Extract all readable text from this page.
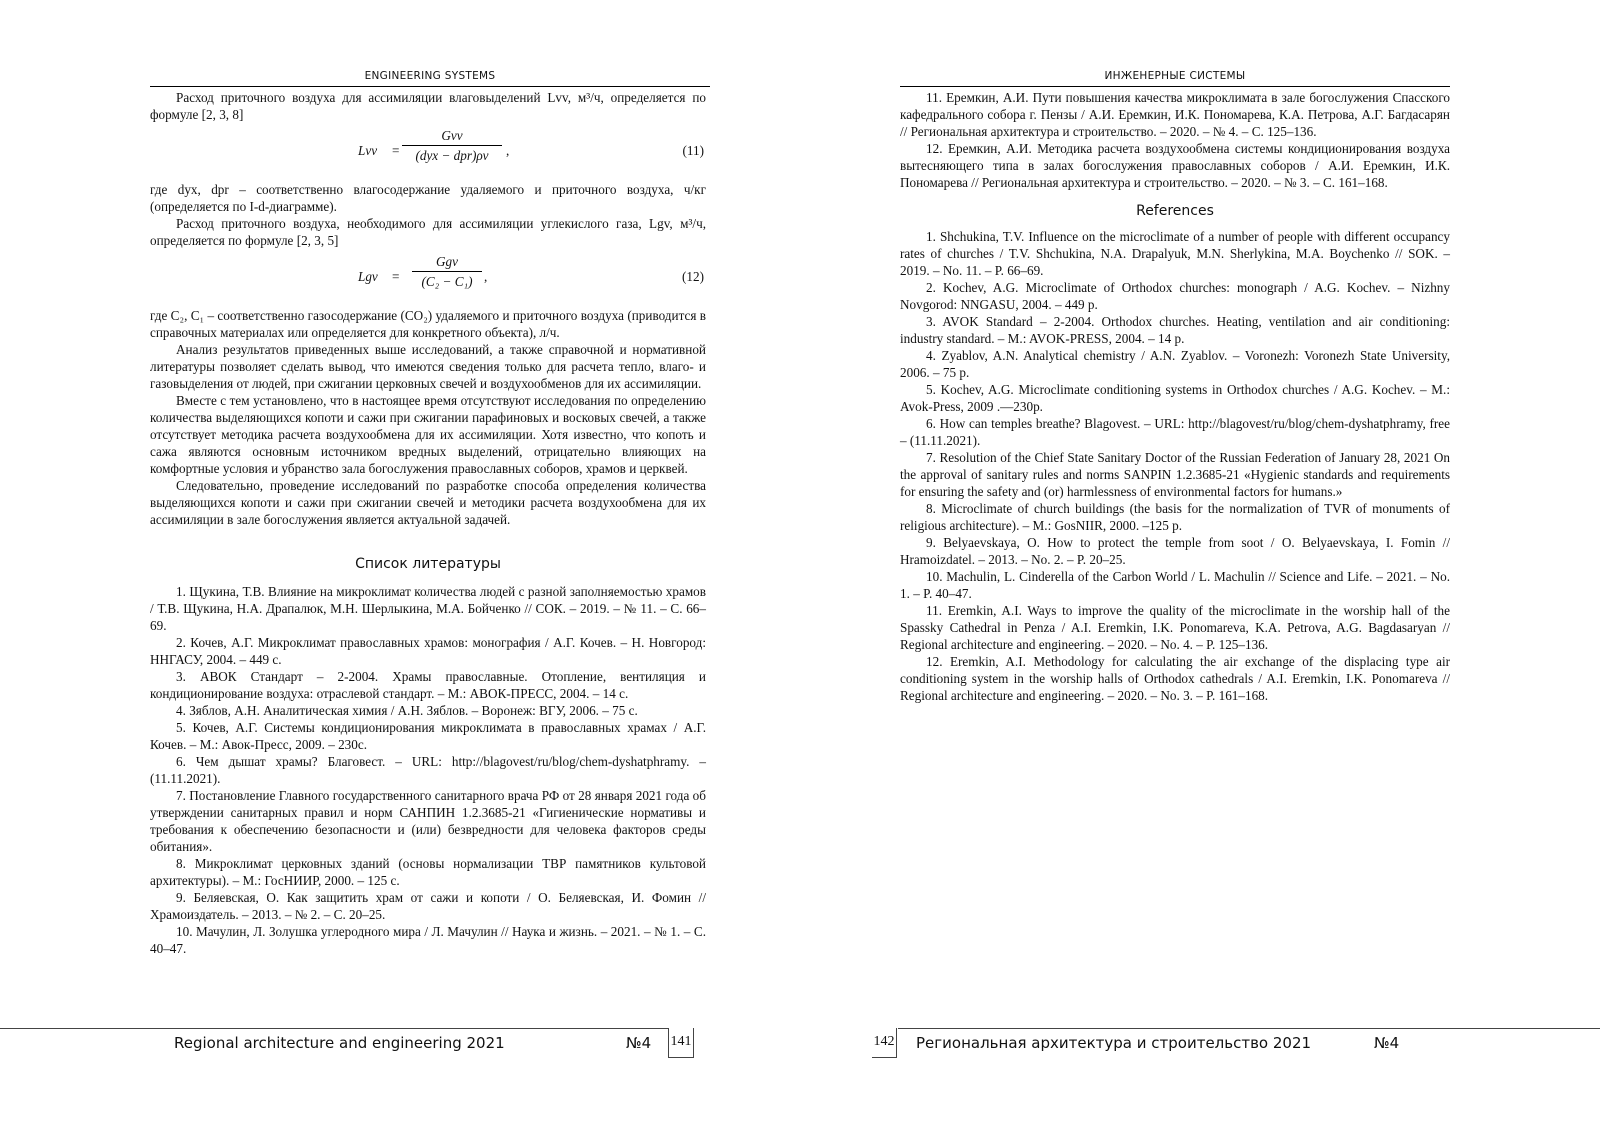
ENGINEERING SYSTEMS

Расход приточного воздуха для ассимиляции влаговыделений Lvv, м³/ч, определяется по формуле [2, 3, 8]

Lvv =
Gvv
(dyx − dpr)ρv	,	(11)

где dyx, dpr – соответственно влагосодержание удаляемого и приточного воздуха, ч/кг (определяется по I-d-диаграмме).

Расход приточного воздуха, необходимого для ассимиляции углекислого газа, Lgv, м³/ч, определяется по формуле [2, 3, 5]

Lgv =
Ggv
(C₂ − C₁) ,	(12)

где C₂, C₁ – соответственно газосодержание (CO₂) удаляемого и приточного воздуха (приводится в справочных материалах или определяется для конкретного объекта), л/ч.

Анализ результатов приведенных выше исследований, а также справочной и нормативной литературы позволяет сделать вывод, что имеются сведения только для расчета тепло, влаго- и газовыделения от людей, при сжигании церковных свечей и воздухообменов для их ассимиляции.

Вместе с тем установлено, что в настоящее время отсутствуют исследования по определению количества выделяющихся копоти и сажи при сжигании парафиновых и восковых свечей, а также отсутствует методика расчета воздухообмена для их ассимиляции. Хотя известно, что копоть и сажа являются основным источником вредных выделений, отрицательно влияющих на комфортные условия и убранство зала богослужения православных соборов, храмов и церквей.

Следовательно, проведение исследований по разработке способа определения количества выделяющихся копоти и сажи при сжигании свечей и методики расчета воздухообмена для их ассимиляции в зале богослужения является актуальной задачей.

Список литературы

1. Щукина, Т.В. Влияние на микроклимат количества людей с разной заполняемостью храмов / Т.В. Щукина, Н.А. Драпалюк, М.Н. Шерлыкина, М.А. Бойченко // СОК. – 2019. – № 11. – С. 66–69.

2. Кочев, А.Г. Микроклимат православных храмов: монография / А.Г. Кочев. – Н. Новгород: ННГАСУ, 2004. – 449 с.

3. АВОК Стандарт – 2-2004. Храмы православные. Отопление, вентиляция и кондиционирование воздуха: отраслевой стандарт. – М.: АВОК-ПРЕСС, 2004. – 14 с.

4. Зяблов, А.Н. Аналитическая химия / А.Н. Зяблов. – Воронеж: ВГУ, 2006. – 75 с.

5. Кочев, А.Г. Системы кондиционирования микроклимата в православных храмах / А.Г. Кочев. – М.: Авок-Пресс, 2009. – 230с.

6. Чем дышат храмы? Благовест. – URL: http://blagovest/ru/blog/chem-dyshatphramy. – (11.11.2021).

7. Постановление Главного государственного санитарного врача РФ от 28 января 2021 года об утверждении санитарных правил и норм САНПИН 1.2.3685-21 «Гигиенические нормативы и требования к обеспечению безопасности и (или) безвредности для человека факторов среды обитания».

8. Микроклимат церковных зданий (основы нормализации ТВР памятников культовой архитектуры). – М.: ГосНИИР, 2000. – 125 с.

9. Беляевская, О. Как защитить храм от сажи и копоти / О. Беляевская, И. Фомин // Храмоиздатель. – 2013. – № 2. – С. 20–25.

10. Мачулин, Л. Золушка углеродного мира / Л. Мачулин // Наука и жизнь. – 2021. – № 1. – С. 40–47.

Regional architecture and engineering 2021	№4 141
ИНЖЕНЕРНЫЕ СИСТЕМЫ

11. Еремкин, А.И. Пути повышения качества микроклимата в зале богослужения Спасского кафедрального собора г. Пензы / А.И. Еремкин, И.К. Пономарева, К.А. Петрова, А.Г. Багдасарян // Региональная архитектура и строительство. – 2020. – № 4. – С. 125–136.

12. Еремкин, А.И. Методика расчета воздухообмена системы кондиционирования воздуха вытесняющего типа в залах богослужения православных соборов / А.И. Еремкин, И.К. Пономарева // Региональная архитектура и строительство. – 2020. – № 3. – С. 161–168.

References

1. Shchukina, T.V. Influence on the microclimate of a number of people with different occupancy rates of churches / T.V. Shchukina, N.A. Drapalyuk, M.N. Sherlykina, M.A. Boychenko // SOK. – 2019. – No. 11. – P. 66–69.

2. Kochev, A.G. Microclimate of Orthodox churches: monograph / A.G. Kochev. – Nizhny Novgorod: NNGASU, 2004. – 449 p.

3. AVOK Standard – 2-2004. Orthodox churches. Heating, ventilation and air conditioning: industry standard. – M.: AVOK-PRESS, 2004. – 14 p.

4. Zyablov, A.N. Analytical chemistry / A.N. Zyablov. – Voronezh: Voronezh State University, 2006. – 75 p.

5. Kochev, A.G. Microclimate conditioning systems in Orthodox churches / A.G. Kochev. – M.: Avok-Press, 2009 .—230p.

6. How can temples breathe? Blagovest. – URL: http://blagovest/ru/blog/chem-dyshatphramy, free – (11.11.2021).

7. Resolution of the Chief State Sanitary Doctor of the Russian Federation of January 28, 2021 On the approval of sanitary rules and norms SANPIN 1.2.3685-21 «Hygienic standards and requirements for ensuring the safety and (or) harmlessness of environmental factors for humans.»

8. Microclimate of church buildings (the basis for the normalization of TVR of monuments of religious architecture). – M.: GosNIIR, 2000. –125 p.

9. Belyaevskaya, O. How to protect the temple from soot / O. Belyaevskaya, I. Fomin // Hramoizdatel. – 2013. – No. 2. – P. 20–25.

10. Machulin, L. Cinderella of the Carbon World / L. Machulin // Science and Life. – 2021. – No. 1. – P. 40–47.

11. Eremkin, A.I. Ways to improve the quality of the microclimate in the worship hall of the Spassky Cathedral in Penza / A.I. Eremkin, I.K. Ponomareva, K.A. Petrova, A.G. Bagdasaryan // Regional architecture and engineering. – 2020. – No. 4. – P. 125–136.

12. Eremkin, A.I. Methodology for calculating the air exchange of the displacing type air conditioning system in the worship halls of Orthodox cathedrals / A.I. Eremkin, I.K. Ponomareva // Regional architecture and engineering. – 2020. – No. 3. – P. 161–168.

142 Региональная архитектура и строительство 2021	№4
